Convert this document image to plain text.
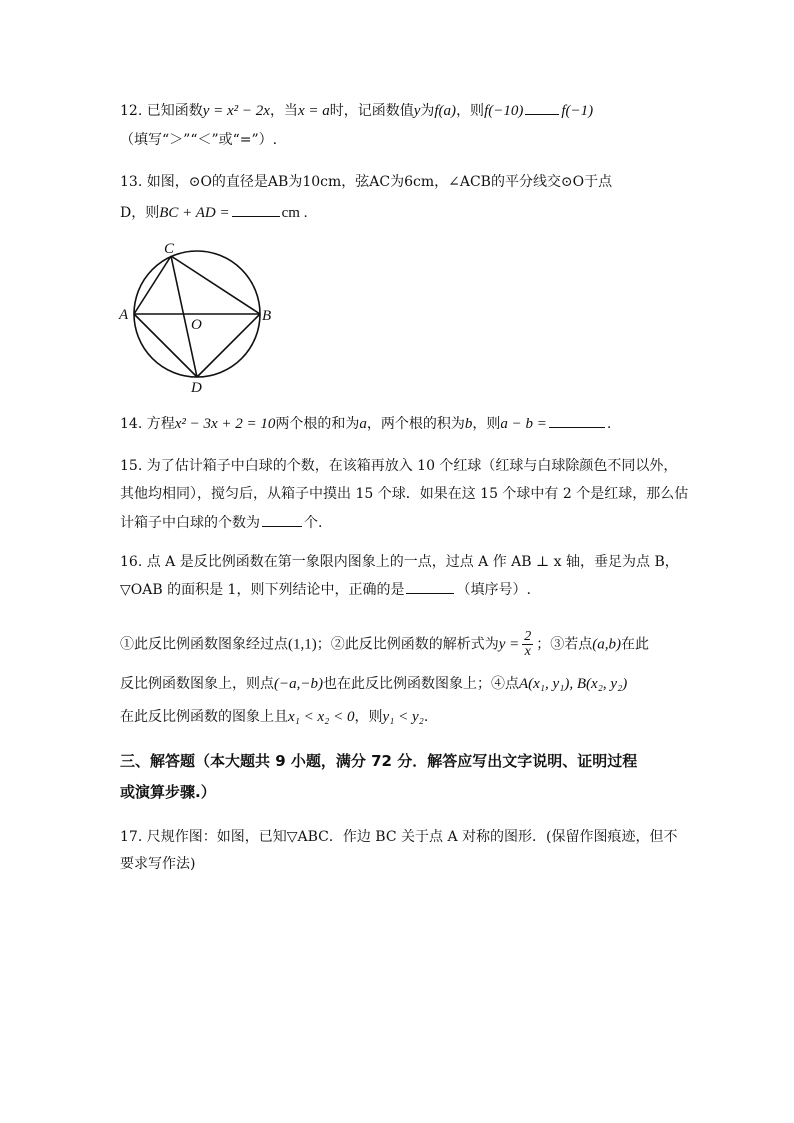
12. 已知函数y = x² − 2x，当x = a时，记函数值y为f(a)，则f(−10)	f(−1)
（填写“＞”“＜”或“=”）.
13. 如图，⊙O的直径是AB为10cm，弦AC为6cm，∠ACB的平分线交⊙O于点
D，则BC + AD =	cm .
C
A	B
O
D
14. 方程x² − 3x + 2 = 10两个根的和为a，两个根的积为b，则a − b =	.
15. 为了估计箱子中白球的个数，在该箱再放入 10 个红球（红球与白球除颜色不同以外，
其他均相同），搅匀后，从箱子中摸出 15 个球．如果在这 15 个球中有 2 个是红球，那么估
计箱子中白球的个数为	个.
16. 点 A 是反比例函数在第一象限内图象上的一点，过点 A 作 AB ⊥ x 轴，垂足为点 B，
▽OAB 的面积是 1，则下列结论中，正确的是	（填序号）.
①此反比例函数图象经过点(1,1)；②此反比例函数的解析式为$y = \frac{2}{x}$ ；③若点(a,b)在此
反比例函数图象上，则点(−a,−b)也在此反比例函数图象上；④点A(x₁, y₁), B(x₂, y₂)
在此反比例函数的图象上且x₁ < x₂ < 0，则y₁ < y₂.
三、解答题（本大题共 9 小题，满分 72 分．解答应写出文字说明、证明过程
或演算步骤.）
17. 尺规作图：如图，已知▽ABC．作边 BC 关于点 A 对称的图形．(保留作图痕迹，但不
要求写作法)
